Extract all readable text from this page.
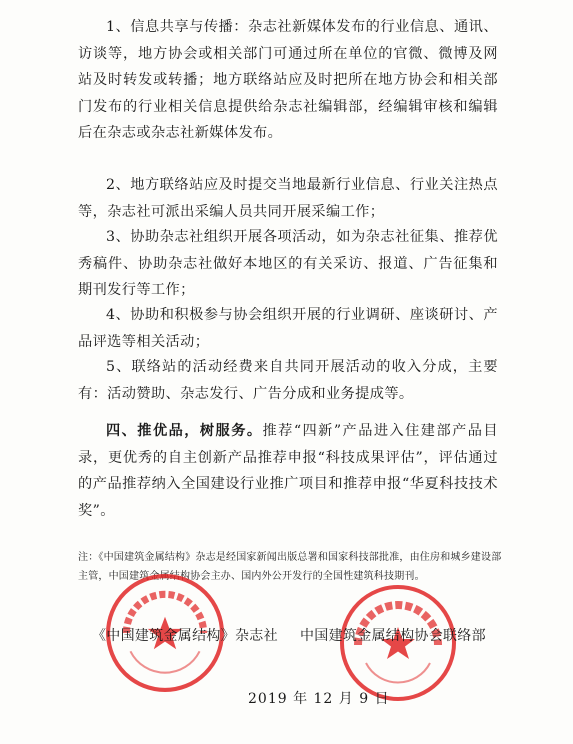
1、信息共享与传播：杂志社新媒体发布的行业信息、通讯、访谈等，地方协会或相关部门可通过所在单位的官微、微博及网站及时转发或转播；地方联络站应及时把所在地方协会和相关部门发布的行业相关信息提供给杂志社编辑部，经编辑审核和编辑后在杂志或杂志社新媒体发布。

2、地方联络站应及时提交当地最新行业信息、行业关注热点等，杂志社可派出采编人员共同开展采编工作；

3、协助杂志社组织开展各项活动，如为杂志社征集、推荐优秀稿件、协助杂志社做好本地区的有关采访、报道、广告征集和期刊发行等工作；

4、协助和积极参与协会组织开展的行业调研、座谈研讨、产品评选等相关活动；

5、联络站的活动经费来自共同开展活动的收入分成，主要有：活动赞助、杂志发行、广告分成和业务提成等。

四、推优品，树服务。推荐“四新”产品进入住建部产品目录，更优秀的自主创新产品推荐申报“科技成果评估”，评估通过的产品推荐纳入全国建设行业推广项目和推荐申报“华夏科技技术奖”。

注：《中国建筑金属结构》杂志是经国家新闻出版总署和国家科技部批准，由住房和城乡建设部主管，中国建筑金属结构协会主办、国内外公开发行的全国性建筑科技期刊。

《中国建筑金属结构》杂志社 中国建筑金属结构协会联络部
2019 年 12 月 9 日
